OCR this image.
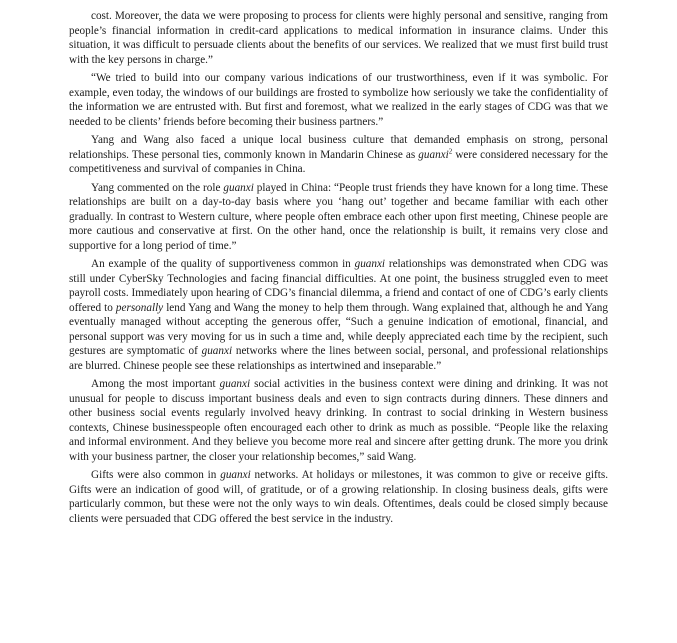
cost. Moreover, the data we were proposing to process for clients were highly personal and sensitive, ranging from people’s financial information in credit-card applications to medical information in insurance claims. Under this situation, it was difficult to persuade clients about the benefits of our services. We realized that we must first build trust with the key persons in charge.”

“We tried to build into our company various indications of our trustworthiness, even if it was symbolic. For example, even today, the windows of our buildings are frosted to symbolize how seriously we take the confidentiality of the information we are entrusted with. But first and foremost, what we realized in the early stages of CDG was that we needed to be clients’ friends before becoming their business partners.”

Yang and Wang also faced a unique local business culture that demanded emphasis on strong, personal relationships. These personal ties, commonly known in Mandarin Chinese as guanxi$^2$ were considered necessary for the competitiveness and survival of companies in China.

Yang commented on the role guanxi played in China: “People trust friends they have known for a long time. These relationships are built on a day-to-day basis where you ‘hang out’ together and became familiar with each other gradually. In contrast to Western culture, where people often embrace each other upon first meeting, Chinese people are more cautious and conservative at first. On the other hand, once the relationship is built, it remains very close and supportive for a long period of time.”

An example of the quality of supportiveness common in guanxi relationships was demonstrated when CDG was still under CyberSky Technologies and facing financial difficulties. At one point, the business struggled even to meet payroll costs. Immediately upon hearing of CDG’s financial dilemma, a friend and contact of one of CDG’s early clients offered to personally lend Yang and Wang the money to help them through. Wang explained that, although he and Yang eventually managed without accepting the generous offer, “Such a genuine indication of emotional, financial, and personal support was very moving for us in such a time and, while deeply appreciated each time by the recipient, such gestures are symptomatic of guanxi networks where the lines between social, personal, and professional relationships are blurred. Chinese people see these relationships as intertwined and inseparable.”

Among the most important guanxi social activities in the business context were dining and drinking. It was not unusual for people to discuss important business deals and even to sign contracts during dinners. These dinners and other business social events regularly involved heavy drinking. In contrast to social drinking in Western business contexts, Chinese businesspeople often encouraged each other to drink as much as possible. “People like the relaxing and informal environment. And they believe you become more real and sincere after getting drunk. The more you drink with your business partner, the closer your relationship becomes,” said Wang.

Gifts were also common in guanxi networks. At holidays or milestones, it was common to give or receive gifts. Gifts were an indication of good will, of gratitude, or of a growing relationship. In closing business deals, gifts were particularly common, but these were not the only ways to win deals. Oftentimes, deals could be closed simply because clients were persuaded that CDG offered the best service in the industry.
